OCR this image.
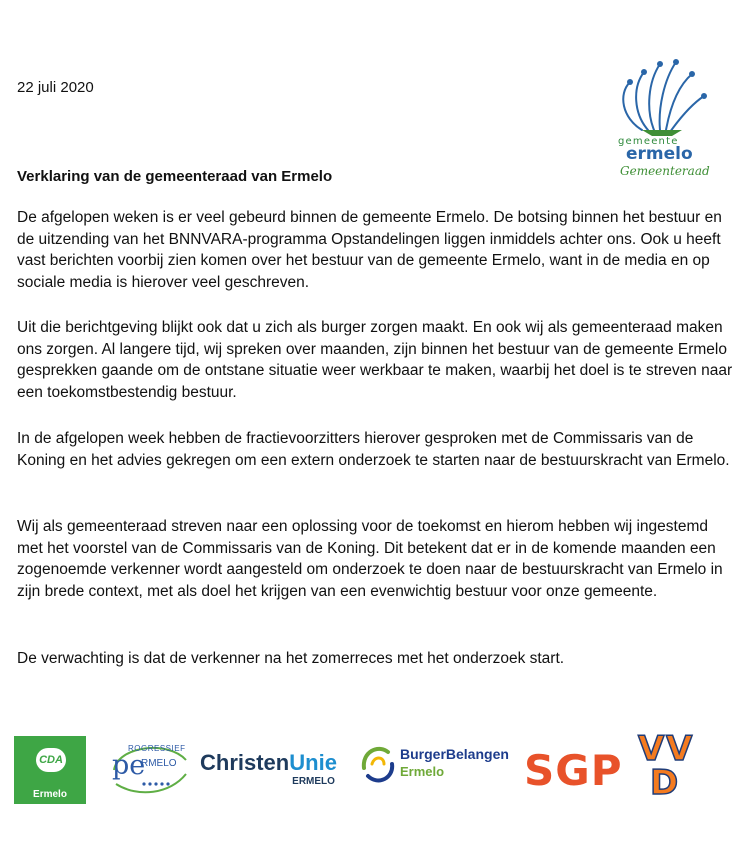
22 juli 2020
gemeente
ermelo
Gemeenteraad
Verklaring van de gemeenteraad van Ermelo

De afgelopen weken is er veel gebeurd binnen de gemeente Ermelo. De botsing binnen het bestuur en de uitzending van het BNNVARA-programma Opstandelingen liggen inmiddels achter ons. Ook u heeft vast berichten voorbij zien komen over het bestuur van de gemeente Ermelo, want in de media en op sociale media is hierover veel geschreven.

Uit die berichtgeving blijkt ook dat u zich als burger zorgen maakt. En ook wij als gemeenteraad maken ons zorgen. Al langere tijd, wij spreken over maanden, zijn binnen het bestuur van de gemeente Ermelo gesprekken gaande om de ontstane situatie weer werkbaar te maken, waarbij het doel is te streven naar een toekomstbestendig bestuur.

In de afgelopen week hebben de fractievoorzitters hierover gesproken met de Commissaris van de Koning en het advies gekregen om een extern onderzoek te starten naar de bestuurskracht van Ermelo.

Wij als gemeenteraad streven naar een oplossing voor de toekomst en hierom hebben wij ingestemd met het voorstel van de Commissaris van de Koning. Dit betekent dat er in de komende maanden een zogenoemde verkenner wordt aangesteld om onderzoek te doen naar de bestuurskracht van Ermelo in zijn brede context, met als doel het krijgen van een evenwichtig bestuur voor onze gemeente.

De verwachting is dat de verkenner na het zomerreces met het onderzoek start.

CDA
Ermelo
ROGRESSIEF
pe
RMELO ChristenUnie
ERMELO
BurgerBelangen
Ermelo SGP V V
D
